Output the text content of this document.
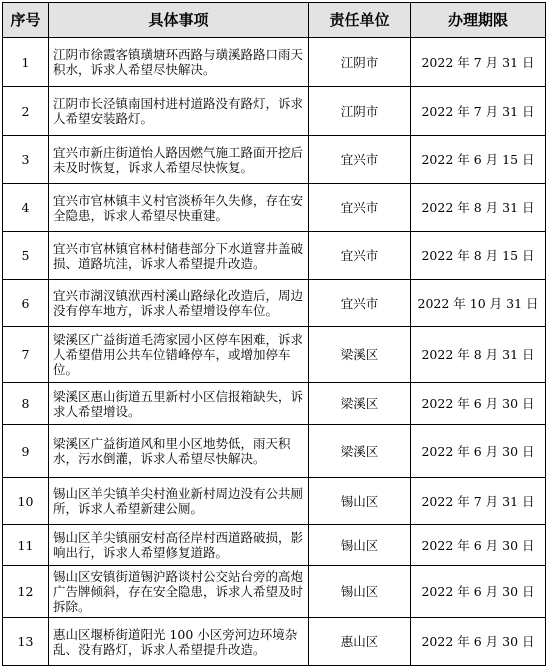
序号	具体事项	责任单位	办理期限
1	江阴市徐霞客镇璜塘环西路与璜溪路路口雨天积水，诉求人希望尽快解决。	江阴市	2022 年 7 月 31 日
2	江阴市长泾镇南国村进村道路没有路灯，诉求人希望安装路灯。	江阴市	2022 年 7 月 31 日
3	宜兴市新庄街道怡人路因燃气施工路面开挖后未及时恢复，诉求人希望尽快恢复。	宜兴市	2022 年 6 月 15 日
4	宜兴市官林镇丰义村官淡桥年久失修，存在安全隐患，诉求人希望尽快重建。	宜兴市	2022 年 8 月 31 日
5	宜兴市官林镇官林村储巷部分下水道窨井盖破损、道路坑洼，诉求人希望提升改造。	宜兴市	2022 年 8 月 15 日
6	宜兴市湖汊镇洑西村溪山路绿化改造后，周边没有停车地方，诉求人希望增设停车位。	宜兴市	2022 年 10 月 31 日
7	梁溪区广益街道毛湾家园小区停车困难，诉求人希望借用公共车位错峰停车，或增加停车位。	梁溪区	2022 年 8 月 31 日
8	梁溪区惠山街道五里新村小区信报箱缺失，诉求人希望增设。	梁溪区	2022 年 6 月 30 日
9	梁溪区广益街道风和里小区地势低，雨天积水，污水倒灌，诉求人希望尽快解决。	梁溪区	2022 年 6 月 30 日
10	锡山区羊尖镇羊尖村渔业新村周边没有公共厕所，诉求人希望新建公厕。	锡山区	2022 年 7 月 31 日
11	锡山区羊尖镇丽安村高径岸村西道路破损，影响出行，诉求人希望修复道路。	锡山区	2022 年 6 月 30 日
12	锡山区安镇街道锡沪路谈村公交站台旁的高炮广告牌倾斜，存在安全隐患，诉求人希望及时拆除。	锡山区	2022 年 6 月 30 日
13	惠山区堰桥街道阳光 100 小区旁河边环境杂乱、没有路灯，诉求人希望提升改造。	惠山区	2022 年 6 月 30 日
